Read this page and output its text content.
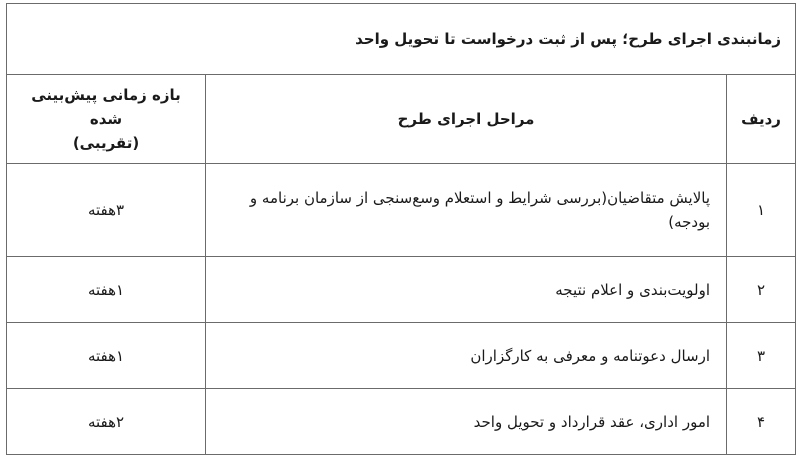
زمانبندی اجرای طرح؛ پس از ثبت درخواست تا تحویل واحد		
ردیف	مراحل اجرای طرح	بازه زمانی پیش‌بینی شده
(تقریبی)

۱	پالایش متقاضیان(بررسی شرایط و استعلام وسع‌سنجی از سازمان برنامه و بودجه)	۳هفته
۲	اولویت‌بندی و اعلام نتیجه	۱هفته
۳	ارسال دعوتنامه و معرفی به کارگزاران	۱هفته
۴	امور اداری، عقد قرارداد و تحویل واحد	۲هفته
